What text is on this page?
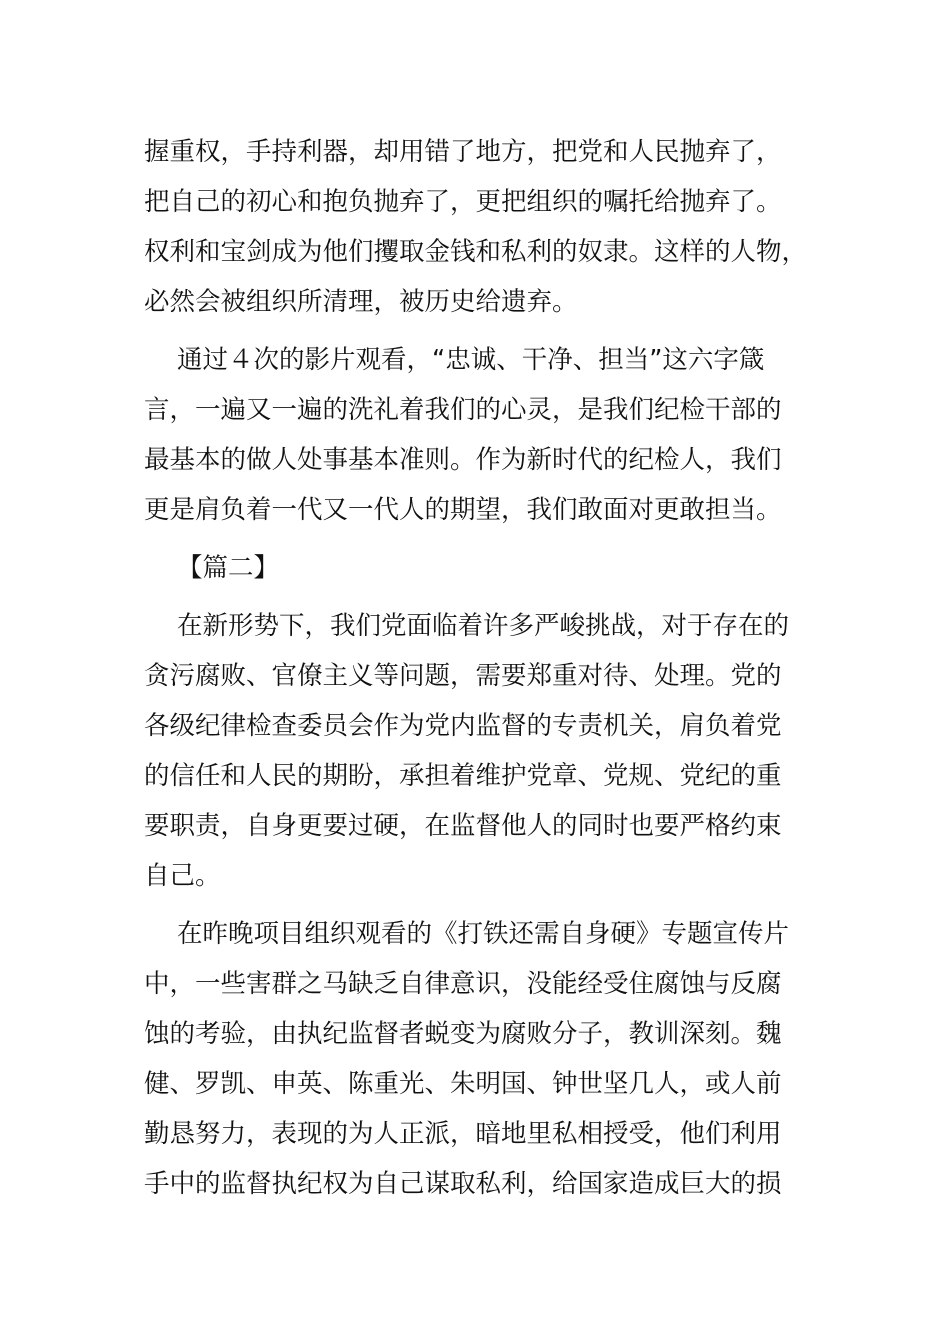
握重权，手持利器，却用错了地方，把党和人民抛弃了，
把自己的初心和抱负抛弃了，更把组织的嘱托给抛弃了。
权利和宝剑成为他们攫取金钱和私利的奴隶。这样的人物，
必然会被组织所清理，被历史给遗弃。
通过４次的影片观看，“忠诚、干净、担当”这六字箴
言，一遍又一遍的洗礼着我们的心灵，是我们纪检干部的
最基本的做人处事基本准则。作为新时代的纪检人，我们
更是肩负着一代又一代人的期望，我们敢面对更敢担当。
【篇二】
在新形势下，我们党面临着许多严峻挑战，对于存在的
贪污腐败、官僚主义等问题，需要郑重对待、处理。党的
各级纪律检查委员会作为党内监督的专责机关，肩负着党
的信任和人民的期盼，承担着维护党章、党规、党纪的重
要职责，自身更要过硬，在监督他人的同时也要严格约束
自己。
在昨晚项目组织观看的《打铁还需自身硬》专题宣传片
中，一些害群之马缺乏自律意识，没能经受住腐蚀与反腐
蚀的考验，由执纪监督者蜕变为腐败分子，教训深刻。魏
健、罗凯、申英、陈重光、朱明国、钟世坚几人，或人前
勤恳努力，表现的为人正派，暗地里私相授受，他们利用
手中的监督执纪权为自己谋取私利，给国家造成巨大的损
